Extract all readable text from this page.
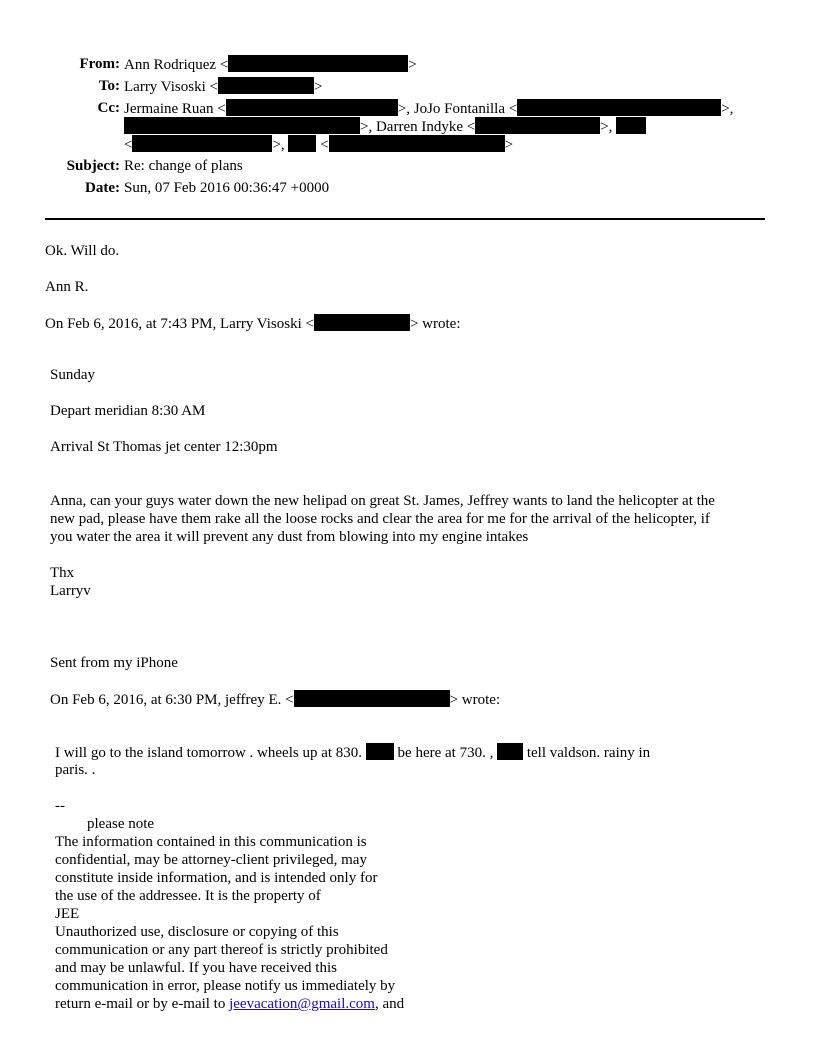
From: Ann Rodriquez <	>
To: Larry Visoski <	>
Cc: Jermaine Ruan <	>, JoJo Fontanilla <	>,
>, Darren Indyke <	>,
<	>, <	>
Subject: Re: change of plans
Date: Sun, 07 Feb 2016 00:36:47 +0000
Ok. Will do.
Ann R.
On Feb 6, 2016, at 7:43 PM, Larry Visoski <	> wrote:
Sunday
Depart meridian 8:30 AM
Arrival St Thomas jet center 12:30pm
Anna, can your guys water down the new helipad on great St. James, Jeffrey wants to land the helicopter at the
new pad, please have them rake all the loose rocks and clear the area for me for the arrival of the helicopter, if
you water the area it will prevent any dust from blowing into my engine intakes
Thx
Larryv
Sent from my iPhone
On Feb 6, 2016, at 6:30 PM, jeffrey E. <	> wrote:
I will go to the island tomorrow . wheels up at 830. be here at 730. , tell valdson. rainy in
paris. .
--
please note
The information contained in this communication is
confidential, may be attorney-client privileged, may
constitute inside information, and is intended only for
the use of the addressee. It is the property of
JEE
Unauthorized use, disclosure or copying of this
communication or any part thereof is strictly prohibited
and may be unlawful. If you have received this
communication in error, please notify us immediately by
return e-mail or by e-mail to jeevacation@gmail.com, and
